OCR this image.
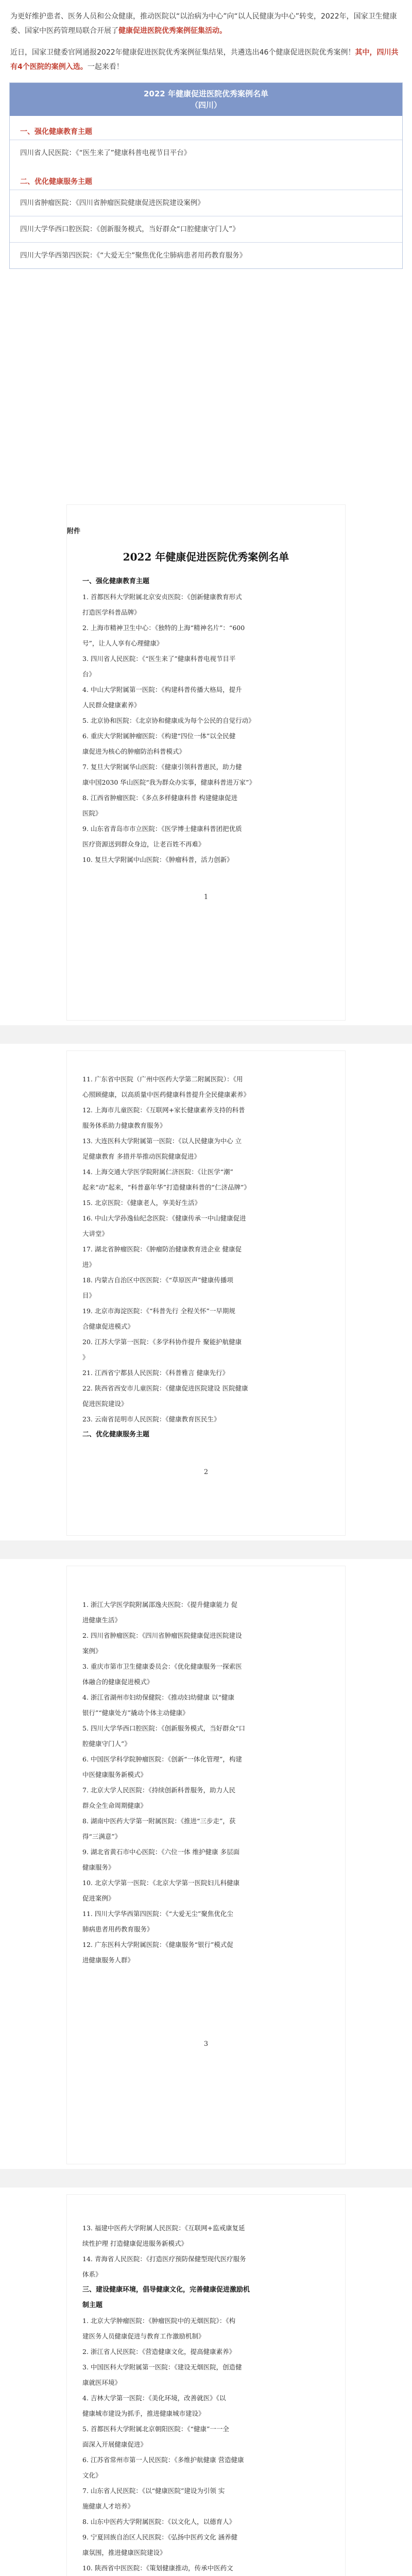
为更好维护患者、医务人员和公众健康，推动医院以“以治病为中心”向“以人民健康为中心”转变，2022年，国家卫生健康委、国家中医药管理局联合开展了健康促进医院优秀案例征集活动。

近日，国家卫健委官网通报2022年健康促进医院优秀案例征集结果，共遴选出46个健康促进医院优秀案例！其中，四川共有4个医院的案例入选。一起来看！

2022 年健康促进医院优秀案例名单
（四川）
一、强化健康教育主题
四川省人民医院：《“医生来了”健康科普电视节目平台》
二、优化健康服务主题
四川省肿瘤医院：《四川省肿瘤医院健康促进医院建设案例》
四川大学华西口腔医院：《创新服务模式，当好群众“口腔健康守门人”》
四川大学华西第四医院：《“大爱无尘”聚焦优化尘肺病患者用药教育服务》
附件
2022 年健康促进医院优秀案例名单
一、强化健康教育主题
1. 首都医科大学附属北京安贞医院：《创新健康教育形式
打造医学科普品牌》
2. 上海市精神卫生中心：《独特的上海“精神名片”：“600
号”，让人人享有心理健康》
3. 四川省人民医院：《“医生来了”健康科普电视节目平
台》
4. 中山大学附属第一医院：《构建科普传播大格局，提升
人民群众健康素养》
5. 北京协和医院：《北京协和健康成为每个公民的自觉行动》
6. 重庆大学附属肿瘤医院：《构建“四位一体”以全民健
康促进为核心的肿瘤防治科普模式》
7. 复旦大学附属华山医院：《健康引领科普惠民，助力健
康中国2030 华山医院“我为群众办实事，健康科普进万家”》
8. 江西省肿瘤医院：《多点多样健康科普 构建健康促进
医院》
9. 山东省青岛市市立医院：《医学博士健康科普团把优质
医疗资源送到群众身边，让老百姓不再难》
10. 复旦大学附属中山医院：《肿瘤科普，活力创新》
1
11. 广东省中医院（广州中医药大学第二附属医院）：《用
心照顾健康，以高质量中医药健康科普提升全民健康素养》
12. 上海市儿童医院：《互联网+家长健康素养支持的科普
服务体系助力健康教育服务》
13. 大连医科大学附属第一医院：《以人民健康为中心 立
足健康教育 多措并举推动医院健康促进》
14. 上海交通大学医学院附属仁济医院：《让医学“潮”
起来“动”起来，“科普嘉年华”打造健康科普的“仁济品牌”》
15. 北京医院：《健康老人，享美好生活》
16. 中山大学孙逸仙纪念医院：《健康传承一中山健康促进
大讲堂》
17. 湖北省肿瘤医院：《肿瘤防治健康教育进企业 健康促
进》
18. 内蒙古自治区中医医院：《“草原医声”健康传播项
目》
19. 北京市海淀医院：《“科普先行 全程关怀”一早期规
合健康促进模式》
20. 江苏大学第一医院：《多学科协作提升 聚能护航健康
》
21. 江西省宁都县人民医院：《科普雅言 健康先行》
22. 陕西省西安市儿童医院：《健康促进医院建设 医院健康
促进医院建设》
23. 云南省昆明市人民医院：《健康教育医民生》
二、优化健康服务主题
2
1. 浙江大学医学院附属邵逸夫医院：《提升健康能力 促
进健康生活》
2. 四川省肿瘤医院：《四川省肿瘤医院健康促进医院建设
案例》
3. 重庆市第市卫生健康委员会：《优化健康服务一探索医
体融合的健康促进模式》
4. 浙江省湖州市妇幼保健院：《推动妇幼健康 以“健康
银行”“健康处方”撬动个体主动健康》
5. 四川大学华西口腔医院：《创新服务模式，当好群众“口
腔健康守门人”》
6. 中国医学科学院肿瘤医院：《创新“一体化管理”，构建
中医健康服务新模式》
7. 北京大学人民医院：《持续创新科普服务，助力人民
群众全生命周期健康》
8. 湖南中医药大学第一附属医院：《推进“三步走”，获
得“三满意”》
9. 湖北省黄石市中心医院：《六位一体 维护健康 多层面
健康服务》
10. 北京大学第一医院：《北京大学第一医院妇儿科健康
促进案例》
11. 四川大学华西第四医院：《“大爱无尘”聚焦优化尘
肺病患者用药教育服务》
12. 广东医科大学附属医院：《健康服务“银行”模式促
进健康服务人群》
3
13. 福建中医药大学附属人民医院：《互联网+监戒康复延
续性护理 打造健康促进服务新模式》
14. 青海省人民医院：《打造医疗预防保健型现代医疗服务
体系》
三、建设健康环境，倡导健康文化，完善健康促进激励机
制主题
1. 北京大学肿瘤医院：《肿瘤医院中的无烟医院》：《构
建医务人员健康促进与教育工作激励机制》
2. 浙江省人民医院：《营造健康文化，提高健康素养》
3. 中国医科大学附属第一医院：《建设无烟医院，创造健
康就医环境》
4. 吉林大学第一医院：《美化环境，改善就医》《以
健康城市建设为抓手，推进健康城市建设》
5. 首都医科大学附属北京朝阳医院：《“健康”一一全
面深入开展健康促进》
6. 江苏省常州市第一人民医院：《多维护航健康 营造健康
文化》
7. 山东省人民医院：《以“健康医院”建设为引领 实
施健康人才培养》
8. 山东中医药大学附属医院：《以文化人，以德育人》
9. 宁夏回族自治区人民医院：《弘扬中医药文化 涵养健
康氛围，推进健康医院建设》
10. 陕西省中医医院：《策划健康推动，传承中医药文
